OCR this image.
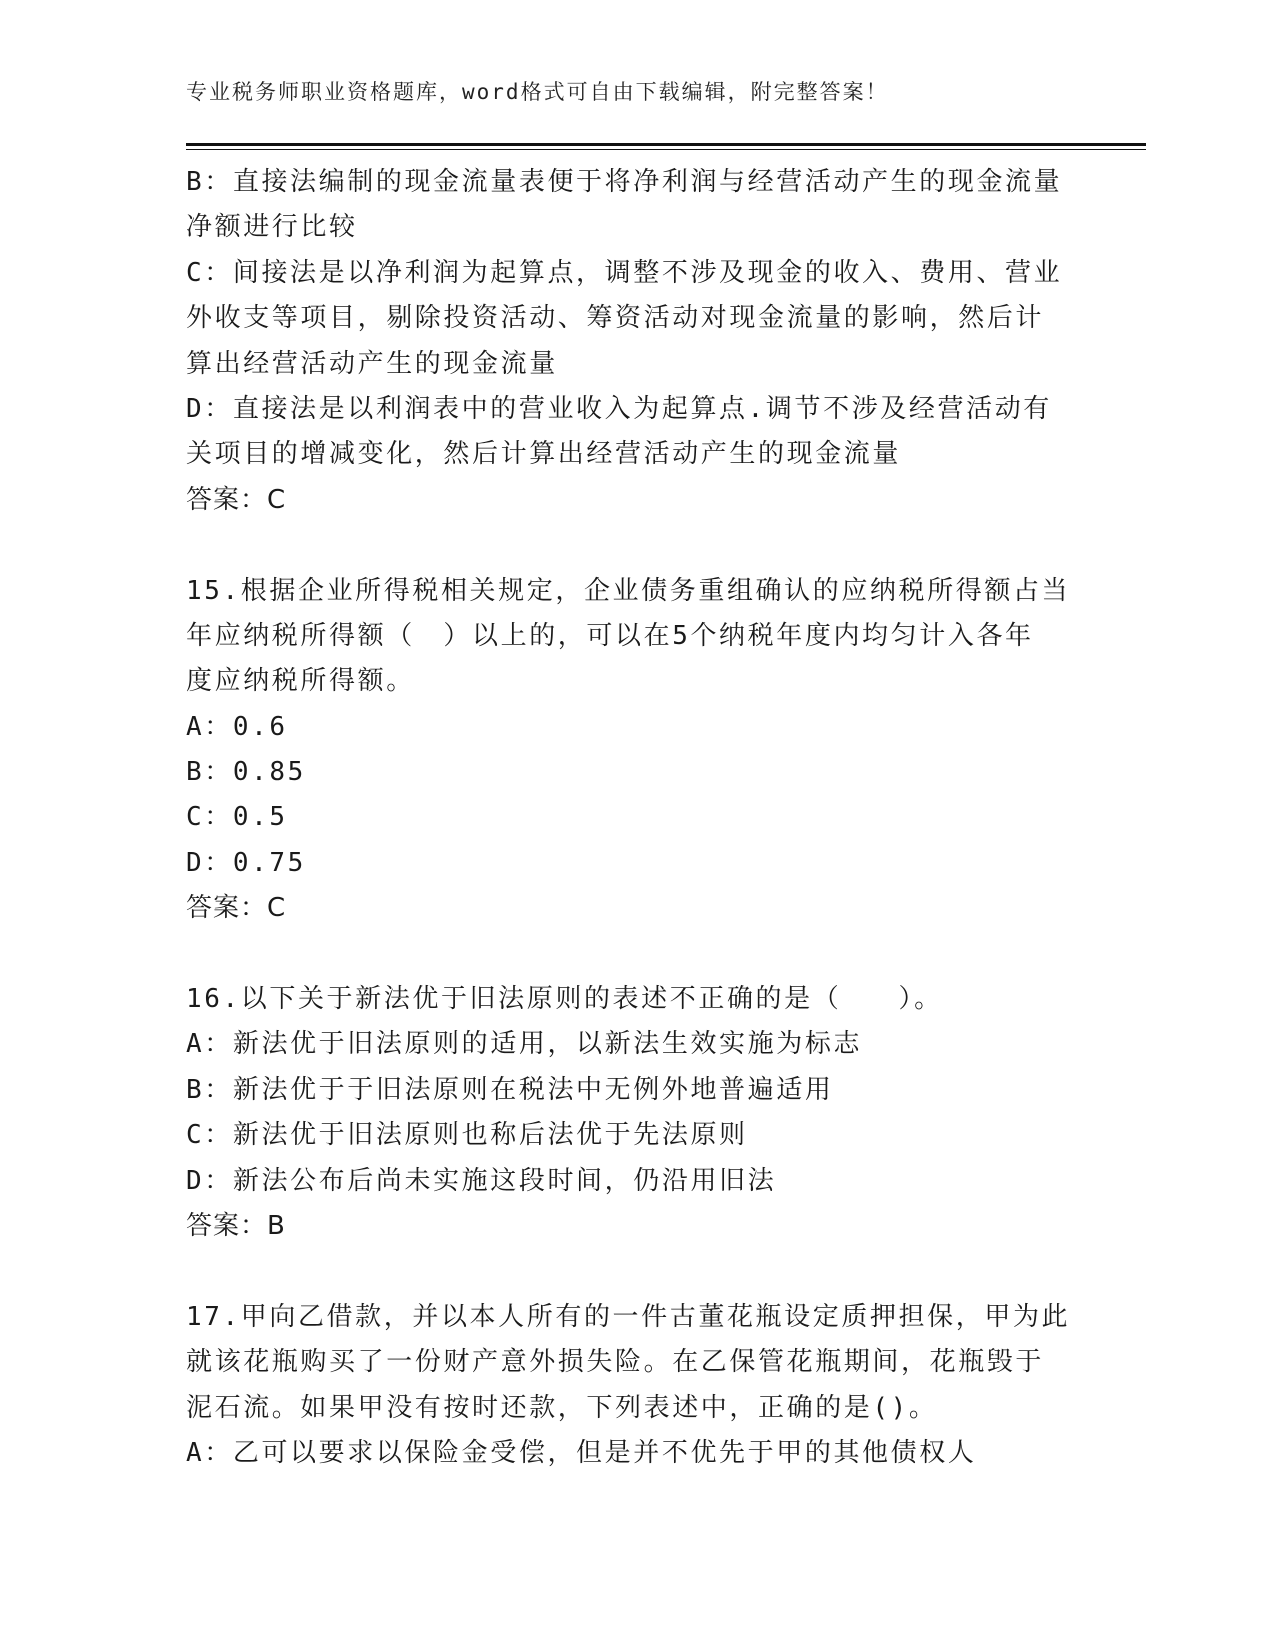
专业税务师职业资格题库，word格式可自由下载编辑，附完整答案！
B：直接法编制的现金流量表便于将净利润与经营活动产生的现金流量
净额进行比较
C：间接法是以净利润为起算点，调整不涉及现金的收入、费用、营业
外收支等项目，剔除投资活动、筹资活动对现金流量的影响，然后计
算出经营活动产生的现金流量
D：直接法是以利润表中的营业收入为起算点.调节不涉及经营活动有
关项目的增减变化，然后计算出经营活动产生的现金流量
答案：C
15.根据企业所得税相关规定，企业债务重组确认的应纳税所得额占当
年应纳税所得额（　）以上的，可以在5个纳税年度内均匀计入各年
度应纳税所得额。
A：0.6
B：0.85
C：0.5
D：0.75
答案：C
16.以下关于新法优于旧法原则的表述不正确的是（　　）。
A：新法优于旧法原则的适用，以新法生效实施为标志
B：新法优于于旧法原则在税法中无例外地普遍适用
C：新法优于旧法原则也称后法优于先法原则
D：新法公布后尚未实施这段时间，仍沿用旧法
答案：B
17.甲向乙借款，并以本人所有的一件古董花瓶设定质押担保，甲为此
就该花瓶购买了一份财产意外损失险。在乙保管花瓶期间，花瓶毁于
泥石流。如果甲没有按时还款，下列表述中，正确的是()。
A：乙可以要求以保险金受偿，但是并不优先于甲的其他债权人
